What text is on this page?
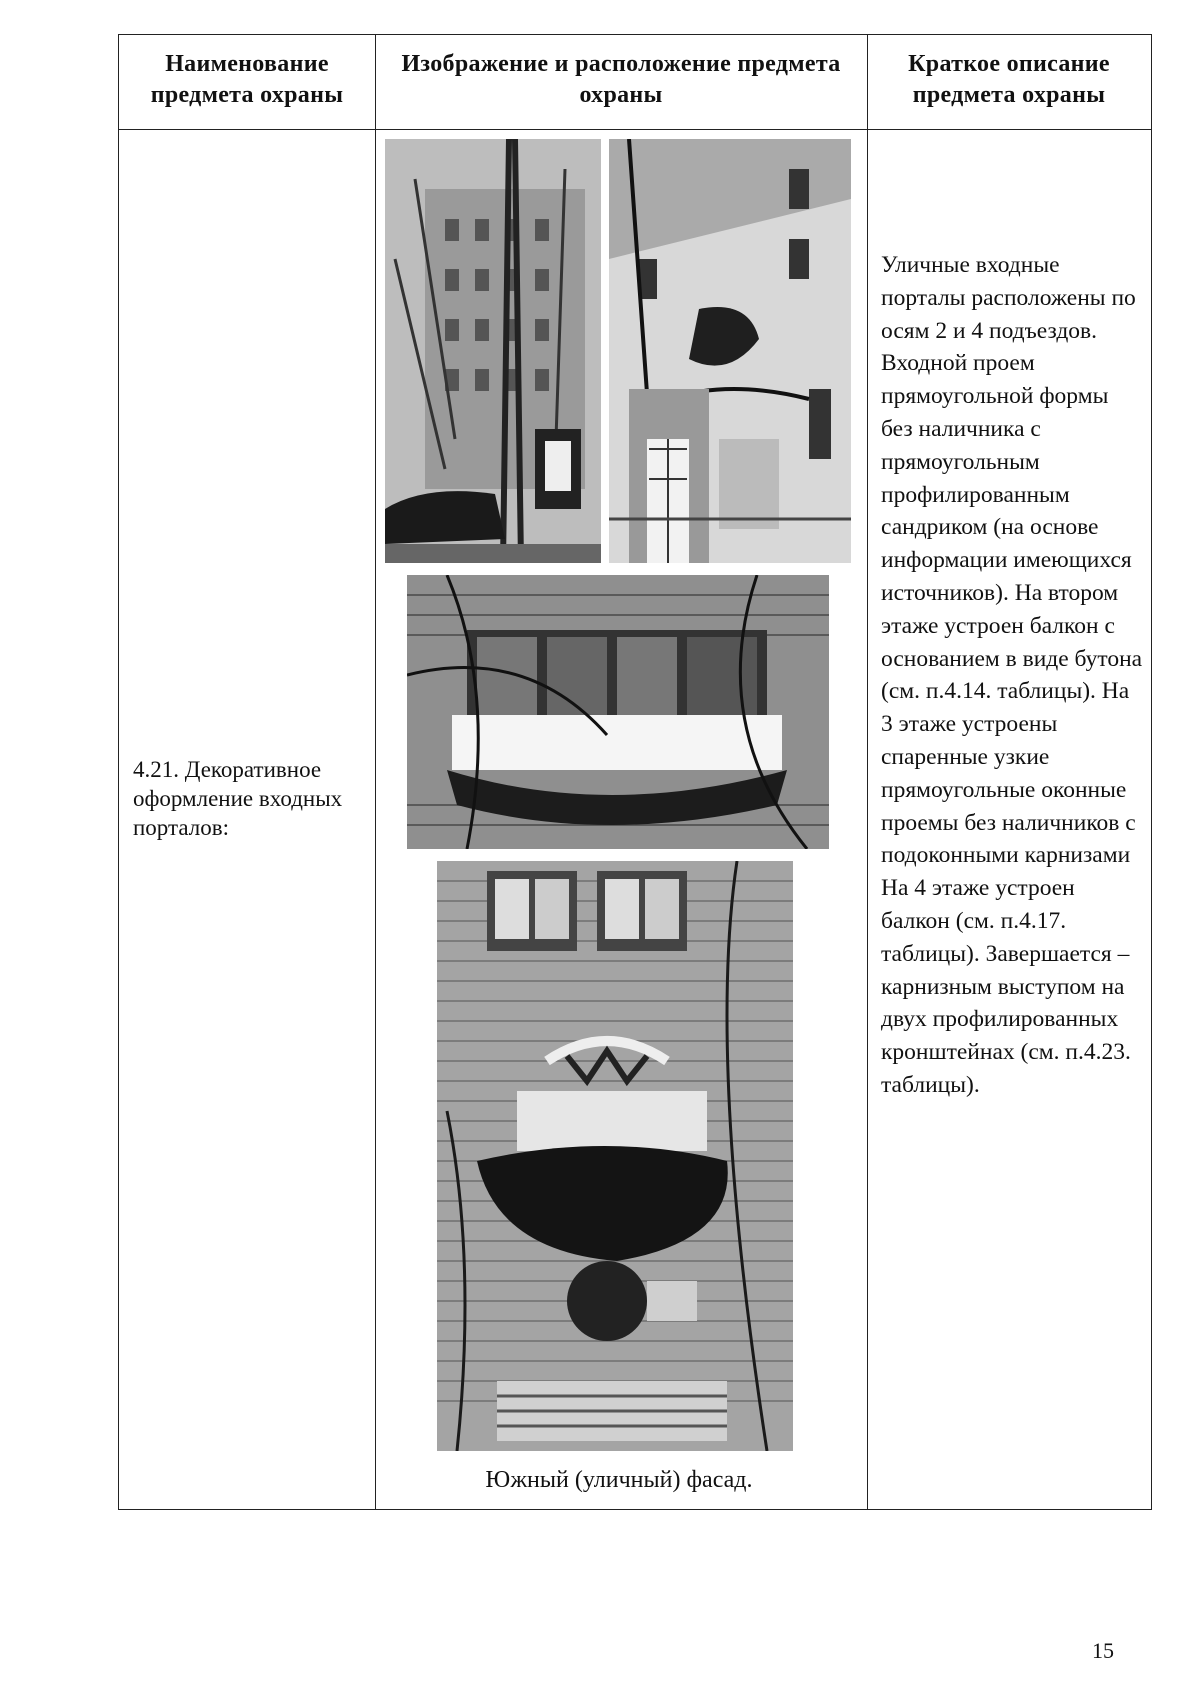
Наименование предмета охраны
Изображение и расположение предмета охраны
Краткое описание предмета охраны
4.21. Декоративное оформление входных порталов:
Южный (уличный) фасад.

Уличные входные порталы расположены по осям 2 и 4 подъездов. Входной проем прямоугольной формы без наличника с прямоугольным профилированным сандриком (на основе информации имеющихся источников). На втором этаже устроен балкон с основанием в виде бутона (см. п.4.14. таблицы). На 3 этаже устроены спаренные узкие прямоугольные оконные проемы без наличников с подоконными карнизами

На 4 этаже устроен балкон (см. п.4.17. таблицы). Завершается – карнизным выступом на двух профилированных кронштейнах (см. п.4.23. таблицы).

15
